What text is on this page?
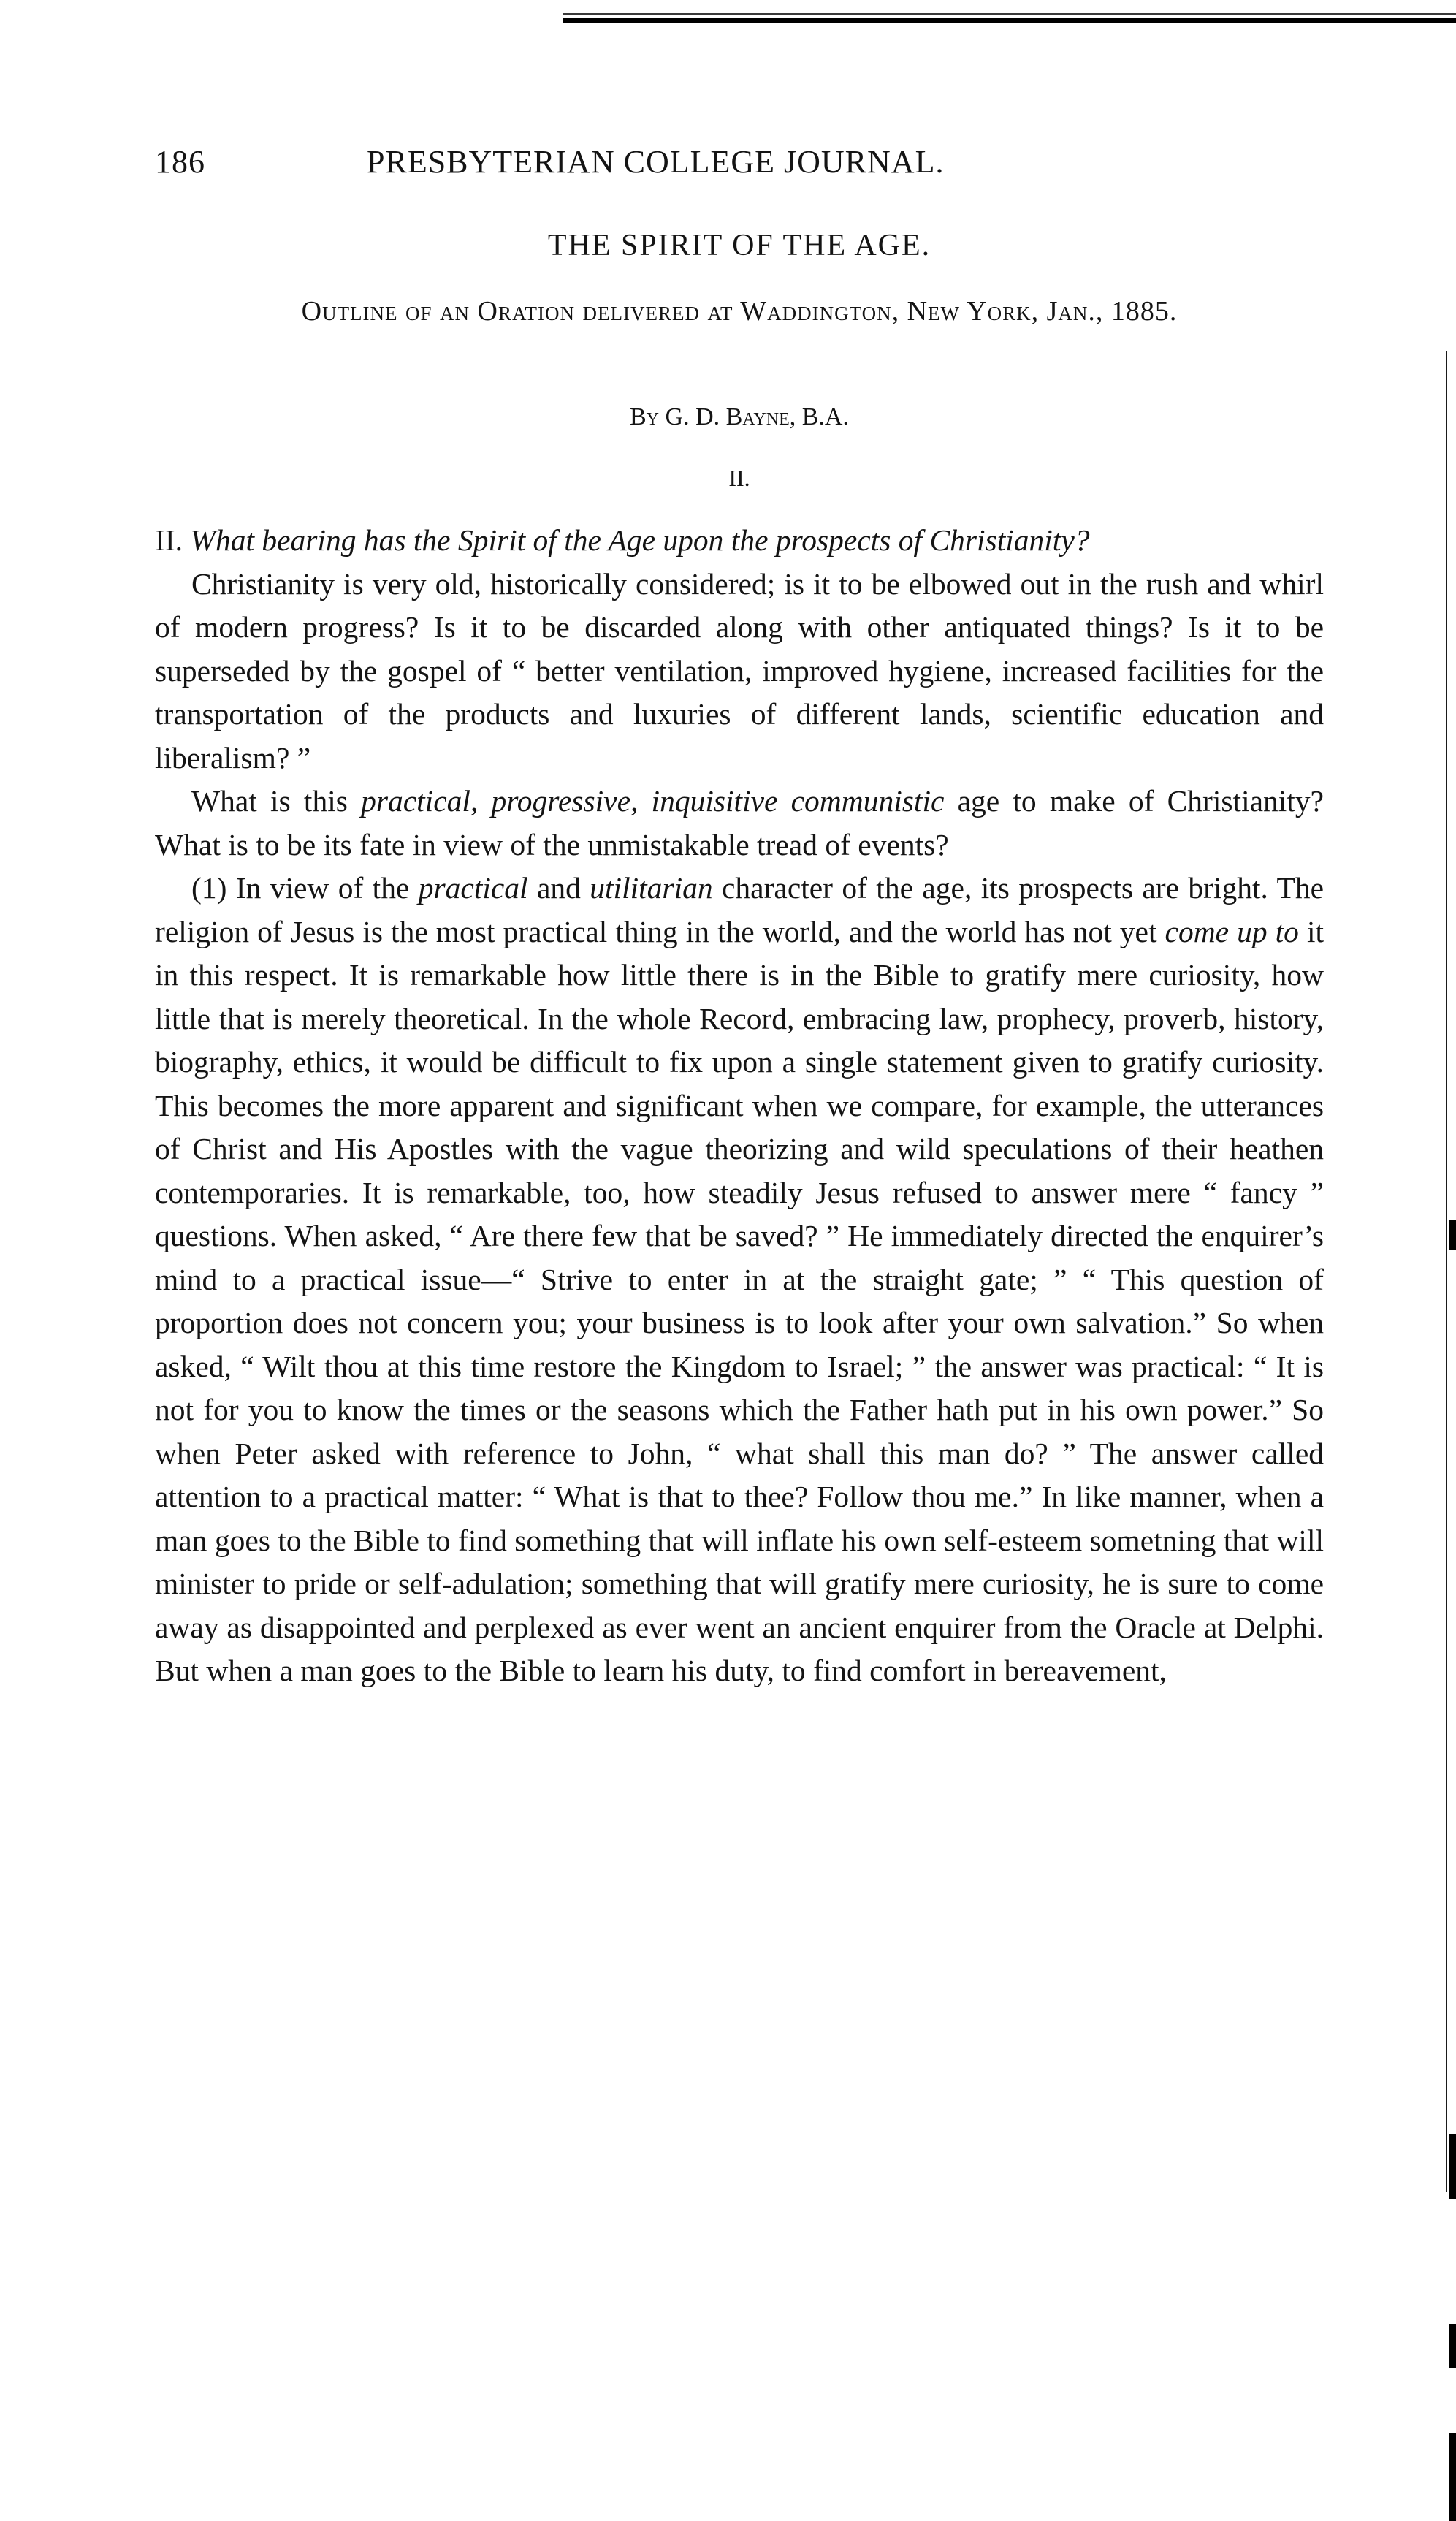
186	PRESBYTERIAN COLLEGE JOURNAL.
THE SPIRIT OF THE AGE.
Outline of an Oration delivered at Waddington, New York, Jan., 1885.
By G. D. Bayne, B.A.
II.

II. What bearing has the Spirit of the Age upon the prospects of Christianity?

Christianity is very old, historically considered; is it to be elbowed out in the rush and whirl of modern progress? Is it to be discarded along with other antiquated things? Is it to be superseded by the gospel of “ better ventilation, improved hygiene, increased facilities for the transportation of the products and luxuries of different lands, scientific education and liberalism? ”

What is this practical, progressive, inquisitive communistic age to make of Christianity? What is to be its fate in view of the unmistakable tread of events?

(1) In view of the practical and utilitarian character of the age, its prospects are bright. The religion of Jesus is the most practical thing in the world, and the world has not yet come up to it in this respect. It is remarkable how little there is in the Bible to gratify mere curiosity, how little that is merely theoretical. In the whole Record, embracing law, prophecy, proverb, history, biography, ethics, it would be difficult to fix upon a single statement given to gratify curiosity. This becomes the more apparent and significant when we compare, for example, the utterances of Christ and His Apostles with the vague theorizing and wild speculations of their heathen contemporaries. It is remarkable, too, how steadily Jesus refused to answer mere “ fancy ” questions. When asked, “ Are there few that be saved? ” He immediately directed the enquirer’s mind to a practical issue—“ Strive to enter in at the straight gate; ” “ This question of proportion does not concern you; your business is to look after your own salvation.” So when asked, “ Wilt thou at this time restore the Kingdom to Israel; ” the answer was practical: “ It is not for you to know the times or the seasons which the Father hath put in his own power.” So when Peter asked with reference to John, “ what shall this man do? ” The answer called attention to a practical matter: “ What is that to thee? Follow thou me.” In like manner, when a man goes to the Bible to find something that will inflate his own self-esteem sometning that will minister to pride or self-adulation; something that will gratify mere curiosity, he is sure to come away as disappointed and perplexed as ever went an ancient enquirer from the Oracle at Delphi. But when a man goes to the Bible to learn his duty, to find comfort in bereavement,
